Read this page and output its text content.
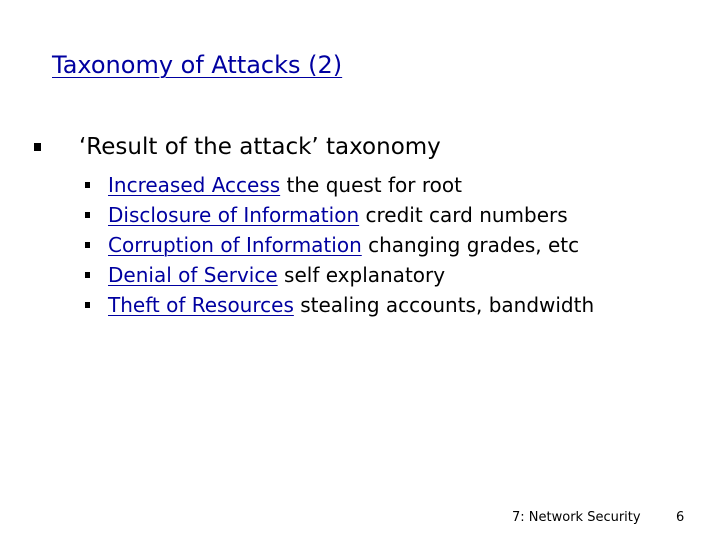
Taxonomy of Attacks (2)
‘Result of the attack’ taxonomy
Increased Access the quest for root
Disclosure of Information credit card numbers
Corruption of Information changing grades, etc
Denial of Service self explanatory
Theft of Resources stealing accounts, bandwidth
7: Network Security	6
